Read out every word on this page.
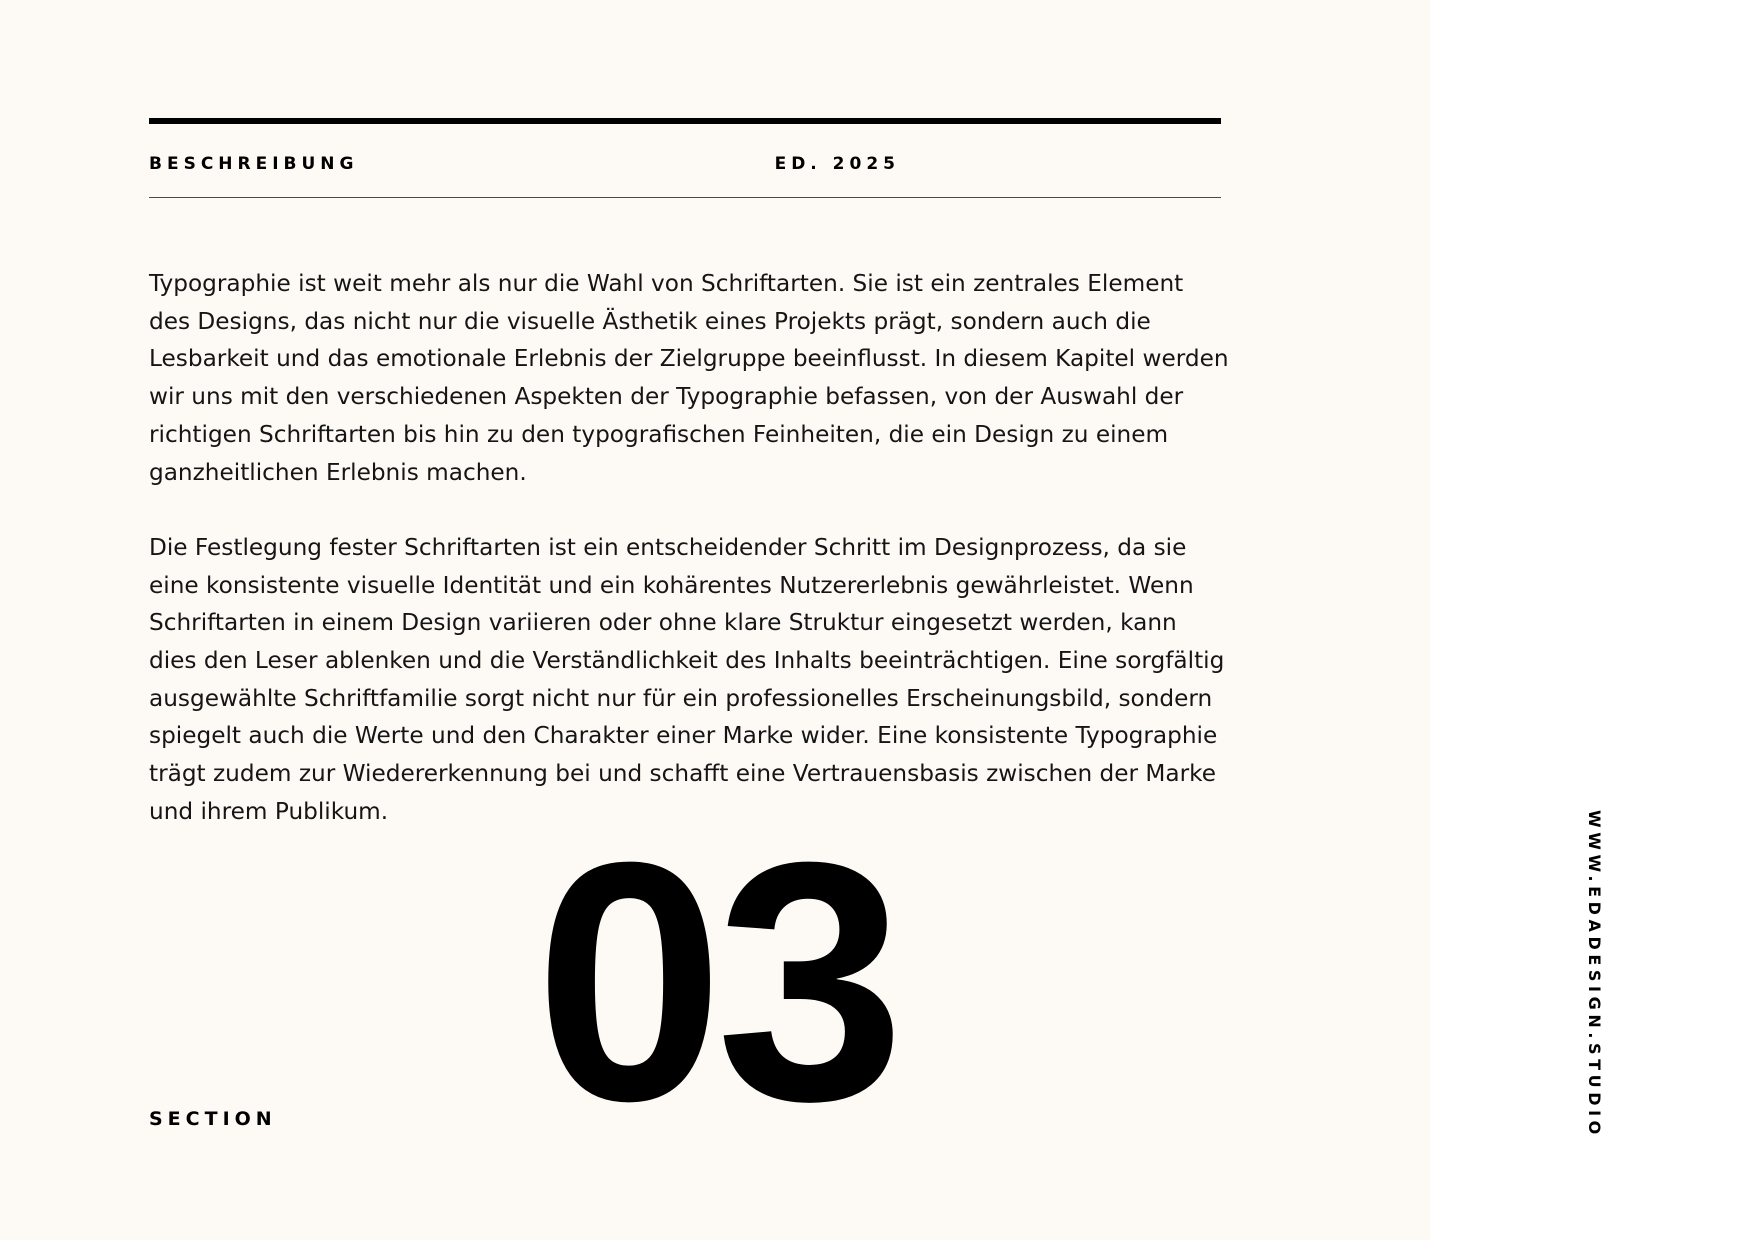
BESCHREIBUNG	ED. 2025

Typographie ist weit mehr als nur die Wahl von Schriftarten. Sie ist ein zentrales Element des Designs, das nicht nur die visuelle Ästhetik eines Projekts prägt, sondern auch die Lesbarkeit und das emotionale Erlebnis der Zielgruppe beeinflusst. In diesem Kapitel werden wir uns mit den verschiedenen Aspekten der Typographie befassen, von der Auswahl der richtigen Schriftarten bis hin zu den typografischen Feinheiten, die ein Design zu einem ganzheitlichen Erlebnis machen.

Die Festlegung fester Schriftarten ist ein entscheidender Schritt im Designprozess, da sie eine konsistente visuelle Identität und ein kohärentes Nutzererlebnis gewährleistet. Wenn Schriftarten in einem Design variieren oder ohne klare Struktur eingesetzt werden, kann dies den Leser ablenken und die Verständlichkeit des Inhalts beeinträchtigen. Eine sorgfältig ausgewählte Schriftfamilie sorgt nicht nur für ein professionelles Erscheinungsbild, sondern spiegelt auch die Werte und den Charakter einer Marke wider. Eine konsistente Typographie trägt zudem zur Wiedererkennung bei und schafft eine Vertrauensbasis zwischen der Marke und ihrem Publikum. 03
SECTION	WWW.EDADESIGN.STUDIO
